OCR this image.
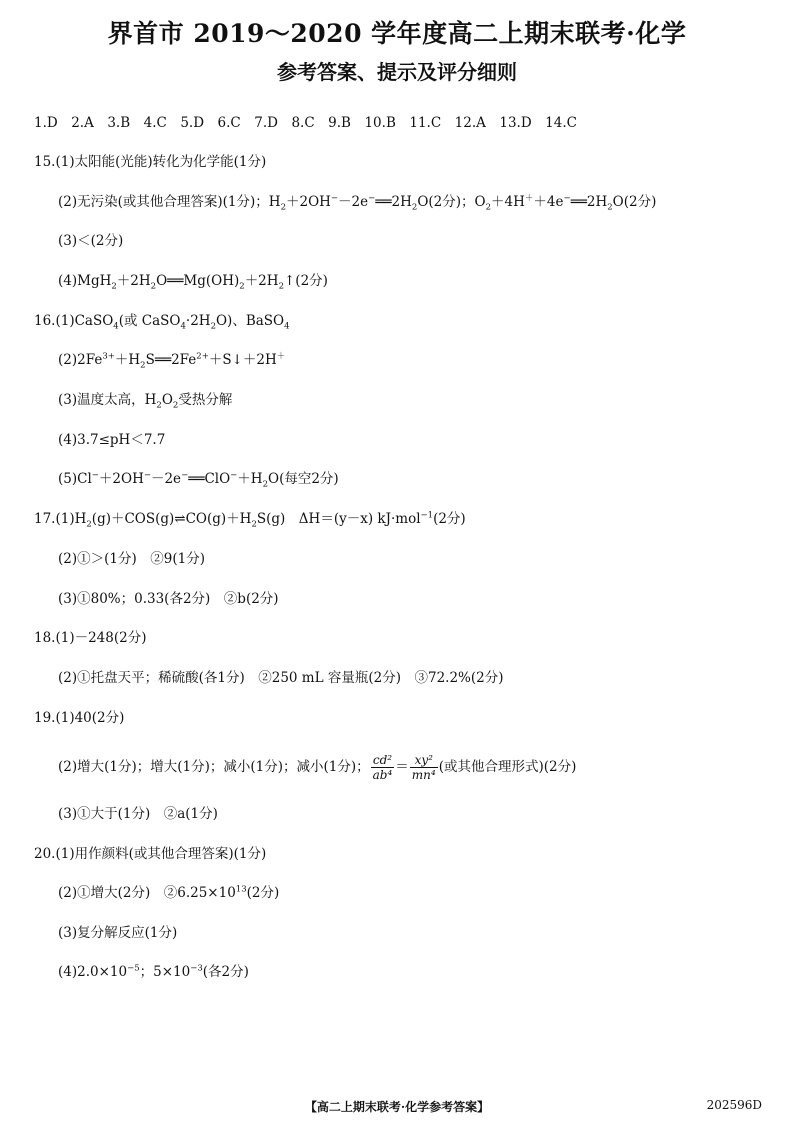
界首市 2019～2020 学年度高二上期末联考·化学
参考答案、提示及评分细则
1.D　2.A　3.B　4.C　5.D　6.C　7.D　8.C　9.B　10.B　11.C　12.A　13.D　14.C
15.(1)太阳能(光能)转化为化学能(1分)
(2)无污染(或其他合理答案)(1分)；$H_2+2OH^--2e^-══2H_2O(2$分)；$O_2+4H^++4e^-══2H_2O(2$分)
(3)＜(2分)
$(4)MgH_2+2H_2O══Mg(OH)_2+2H_2↑(2$分)
16.(1)CaSO$_4$(或 $CaSO_4\cdot 2H_2O$)、BaSO$_4$
$(2)2Fe^{3+}+H_2S══2Fe^{2+}+S↓+2H^+$
(3)温度太高，$H_2O_2$受热分解
(4)3.7≤pH＜7.7
$(5)Cl^-+2OH^--2e^-══ClO^-+H_2O$(每空2分)
$17.(1)H_2(g)+COS(g)\rightleftharpoons CO(g)+H_2S(g)$　ΔH＝(y－x) kJ·mol$^{-1}$(2分)
(2)①＞(1分)　②9(1分)
(3)①80%；0.33(各2分)　②b(2分)
18.(1)－248(2分)
(2)①托盘天平；稀硫酸(各1分)　②250 mL 容量瓶(2分)　③72.2%(2分)
19.(1)40(2分)
(2)增大(1分)；增大(1分)；减小(1分)；减小(1分)； $\frac{\text{cd²}}{\text{ab⁴}} = \frac{\text{xy²}}{\text{mn⁴}}$ (或其他合理形式)(2分)
(3)①大于(1分)　②a(1分)
20.(1)用作颜料(或其他合理答案)(1分)
(2)①增大(2分)　$②6.25\times 10^{13}(2$分)
(3)复分解反应(1分)
$(4)2.0\times 10^{-5}$；$5\times 10^{-3}$(各2分)
【高二上期末联考·化学参考答案】	202596D
